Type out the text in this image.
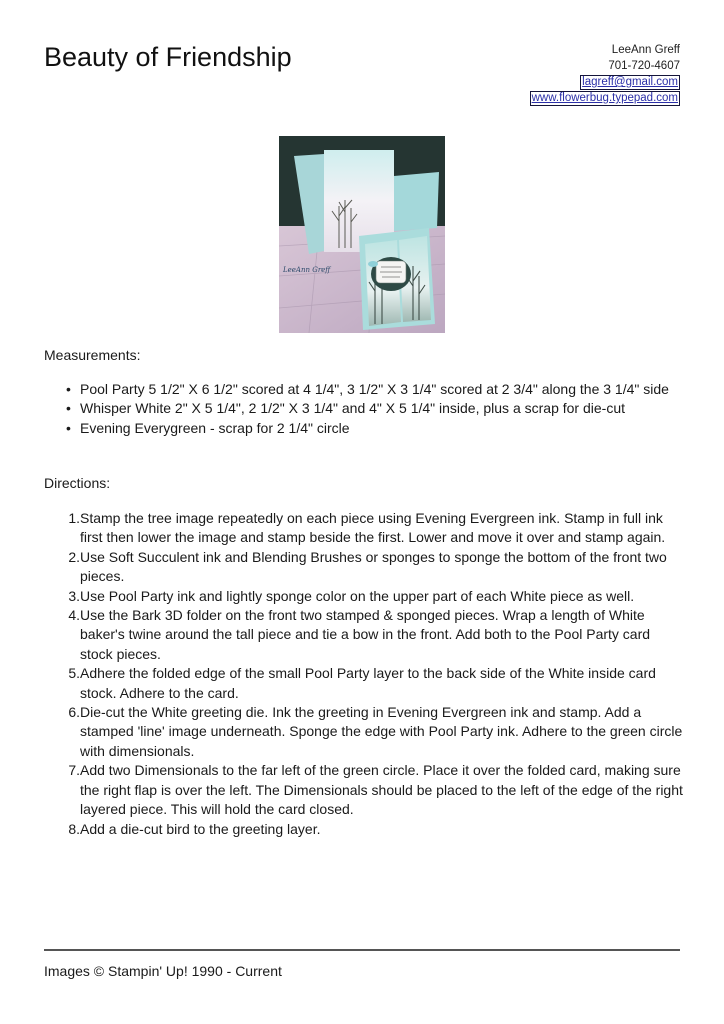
Beauty of Friendship	LeeAnn Greff
701-720-4607
lagreff@gmail.com
www.flowerbug.typepad.com
LeeAnn Greff

Measurements:

• Pool Party 5 1/2" X 6 1/2" scored at 4 1/4", 3 1/2" X 3 1/4" scored at 2 3/4" along the 3 1/4" side
• Whisper White 2" X 5 1/4", 2 1/2" X 3 1/4" and 4" X 5 1/4" inside, plus a scrap for die-cut
• Evening Everygreen - scrap for 2 1/4" circle

Directions:

1. Stamp the tree image repeatedly on each piece using Evening Evergreen ink. Stamp in full ink first then lower the image and stamp beside the first. Lower and move it over and stamp again.
2. Use Soft Succulent ink and Blending Brushes or sponges to sponge the bottom of the front two pieces.
3. Use Pool Party ink and lightly sponge color on the upper part of each White piece as well.
4. Use the Bark 3D folder on the front two stamped & sponged pieces. Wrap a length of White baker's twine around the tall piece and tie a bow in the front. Add both to the Pool Party card stock pieces.
5. Adhere the folded edge of the small Pool Party layer to the back side of the White inside card stock. Adhere to the card.
6. Die-cut the White greeting die. Ink the greeting in Evening Evergreen ink and stamp. Add a stamped 'line' image underneath. Sponge the edge with Pool Party ink. Adhere to the green circle with dimensionals.
7. Add two Dimensionals to the far left of the green circle. Place it over the folded card, making sure the right flap is over the left. The Dimensionals should be placed to the left of the edge of the right layered piece. This will hold the card closed.
8. Add a die-cut bird to the greeting layer.
Images © Stampin' Up! 1990 - Current
